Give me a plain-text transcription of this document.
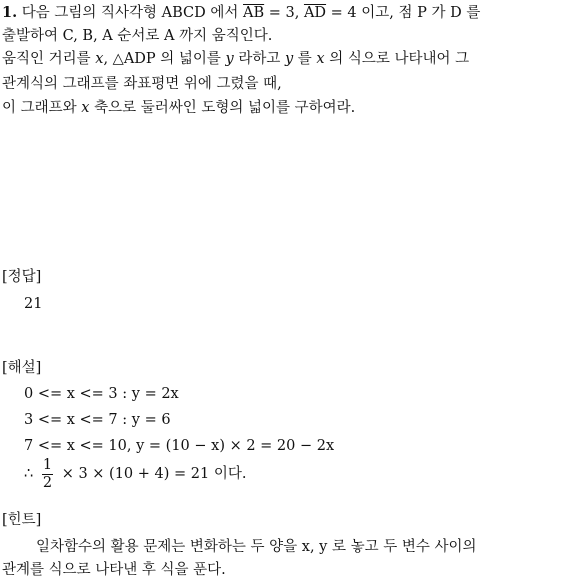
1. 다음 그림의 직사각형 ABCD 에서 $\overline{AB} = 3$, $\overline{AD} = 4$ 이고, 점 P 가 D 를
출발하여 C, B, A 순서로 A 까지 움직인다.
움직인 거리를 x, △ADP 의 넓이를 y 라하고 y 를 x 의 식으로 나타내어 그
관계식의 그래프를 좌표평면 위에 그렸을 때,
이 그래프와 x 축으로 둘러싸인 도형의 넓이를 구하여라.
[정답]
21
[해설]
0 <= x <= 3 : y = 2x
3 <= x <= 7 : y = 6
7 <= x <= 10, y = (10 − x) × 2 = 20 − 2x
∴ $\frac{1}{2} \times 3 \times (10 + 4) = 21$ 이다.
[힌트]
일차함수의 활용 문제는 변화하는 두 양을 x, y 로 놓고 두 변수 사이의
관계를 식으로 나타낸 후 식을 푼다.
